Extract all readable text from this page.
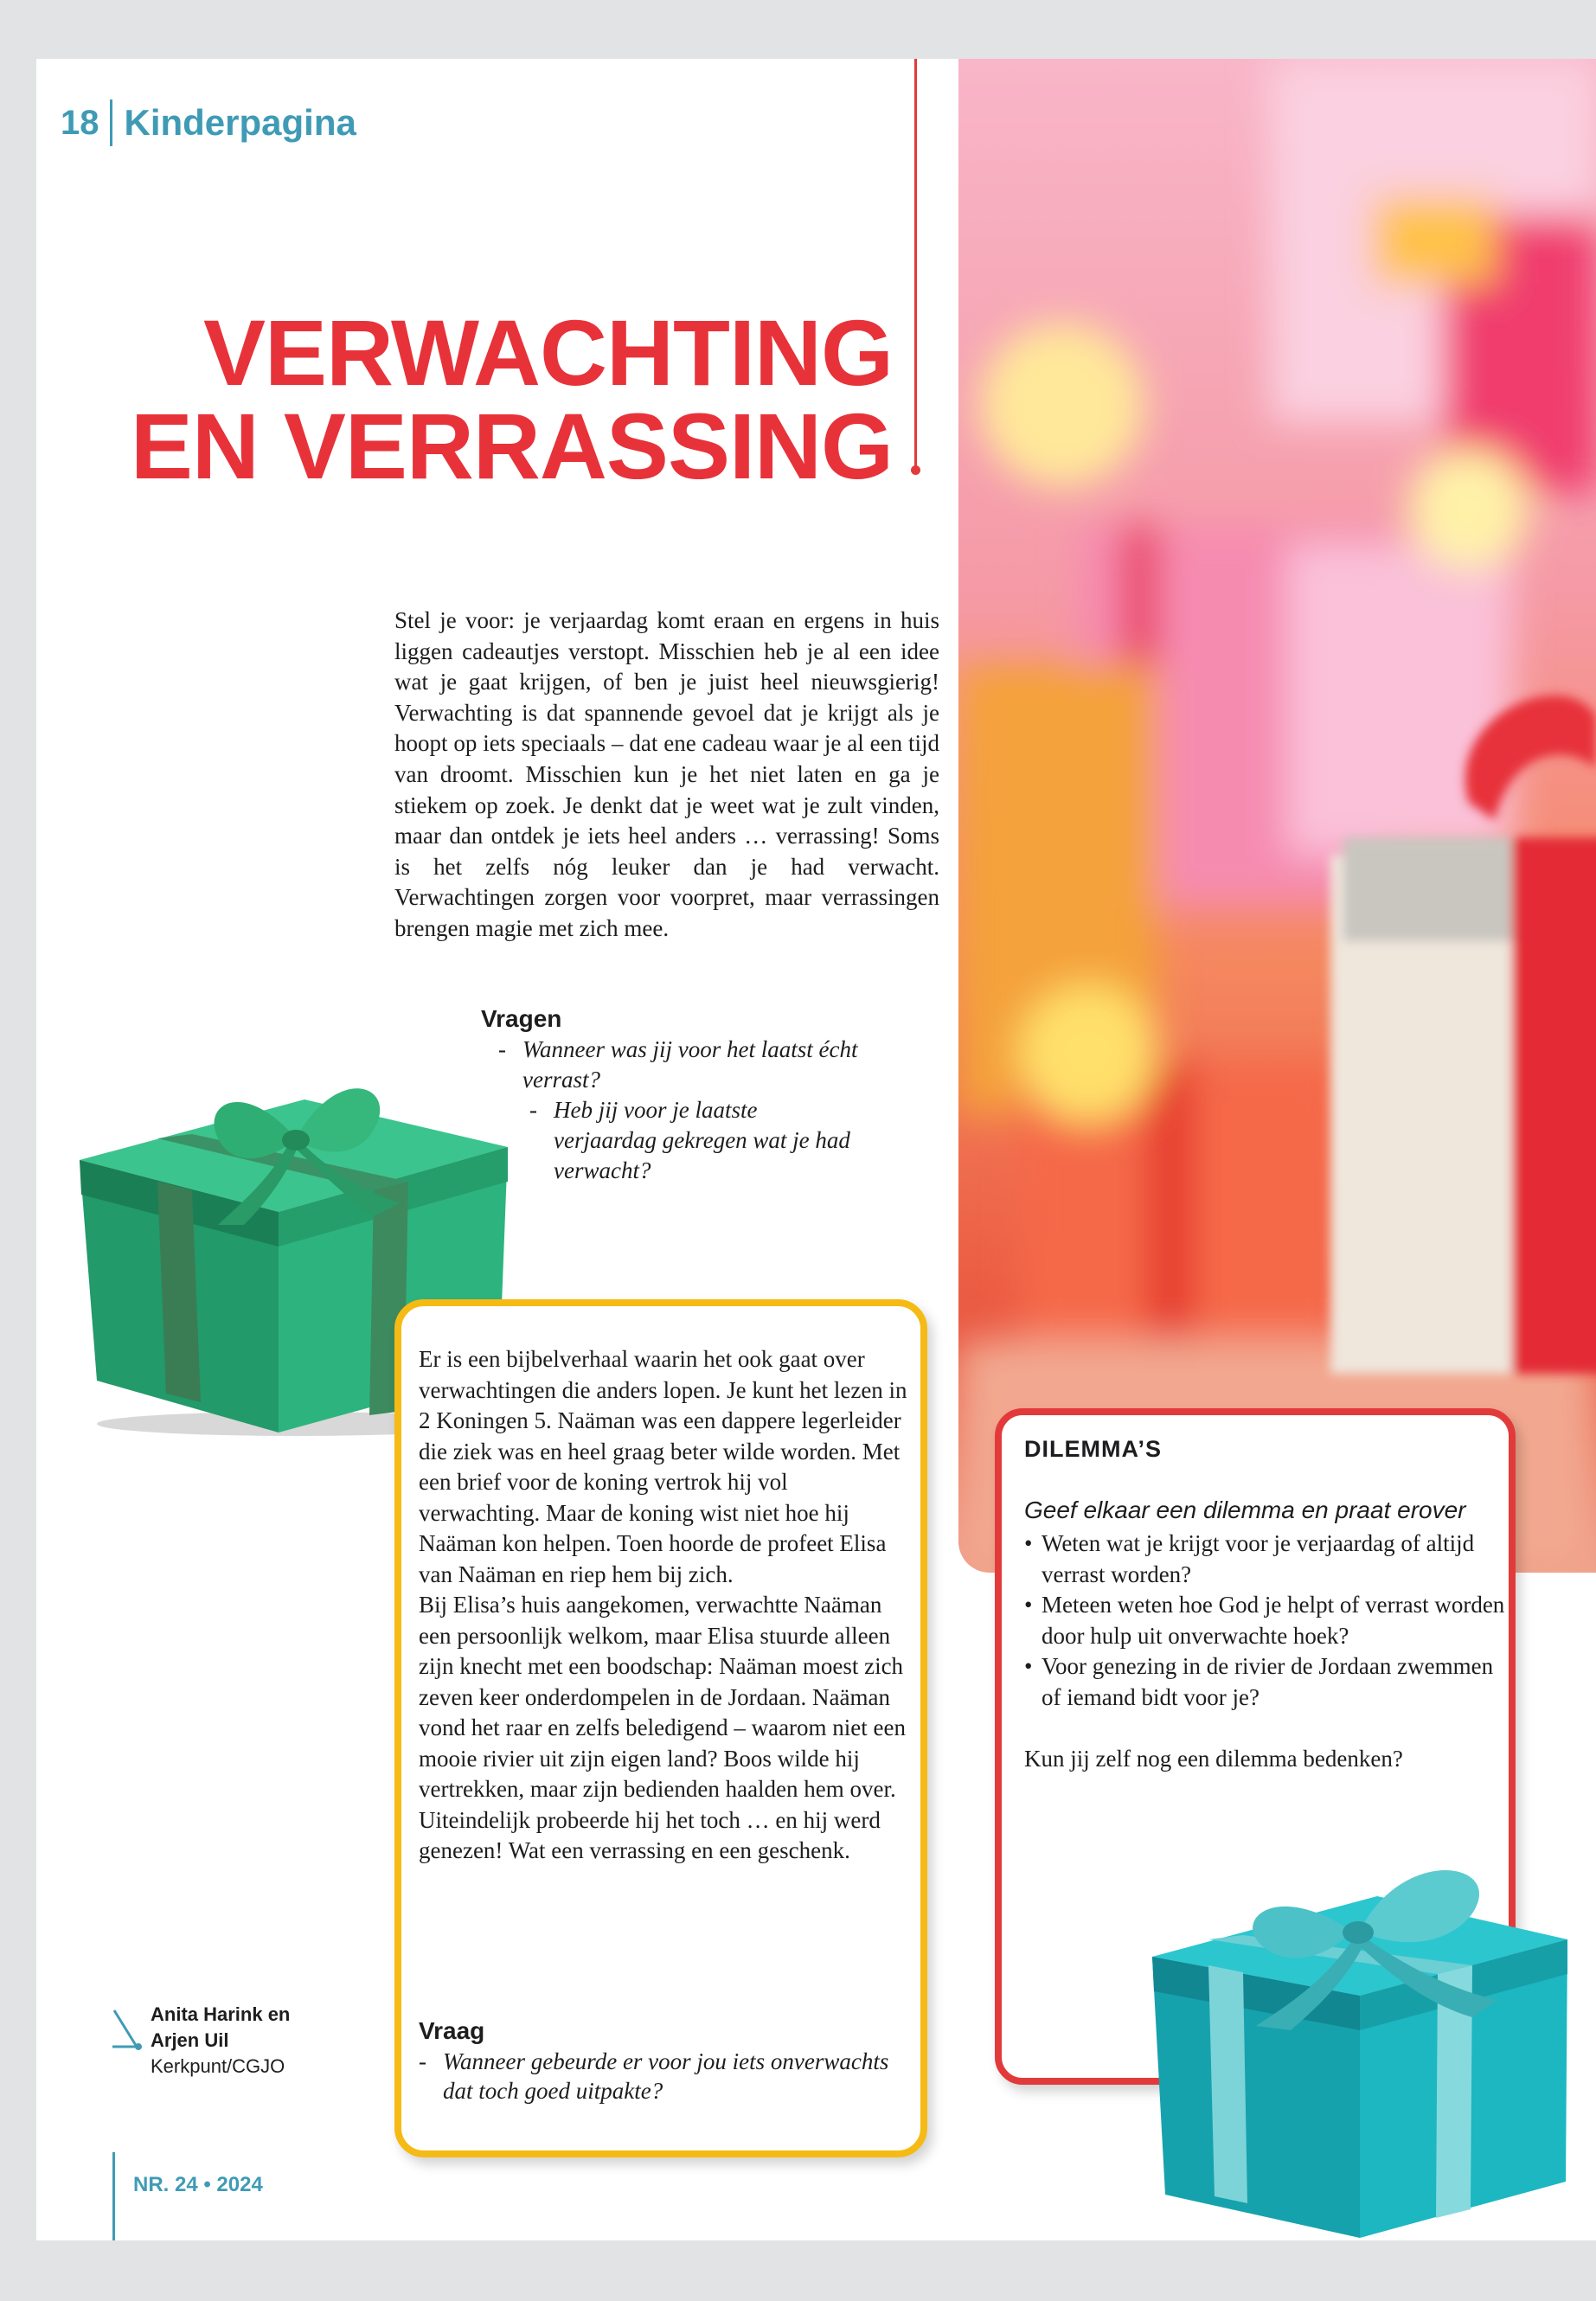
18 Kinderpagina
VERWACHTING
EN VERRASSING

Stel je voor: je verjaardag komt eraan en ergens in huis liggen cadeautjes verstopt. Misschien heb je al een idee wat je gaat krijgen, of ben je juist heel nieuwsgierig! Verwachting is dat spannende gevoel dat je krijgt als je hoopt op iets speciaals – dat ene cadeau waar je al een tijd van droomt. Misschien kun je het niet laten en ga je stiekem op zoek. Je denkt dat je weet wat je zult vinden, maar dan ontdek je iets heel anders … verrassing! Soms is het zelfs nóg leuker dan je had verwacht. Verwachtingen zorgen voor voorpret, maar verrassingen brengen magie met zich mee.

Vragen
- Wanneer was jij voor het laatst écht verrast?
- Heb jij voor je laatste verjaardag gekregen wat je had verwacht?

Er is een bijbelverhaal waarin het ook gaat over verwachtingen die anders lopen. Je kunt het lezen in 2 Koningen 5. Naäman was een dappere legerleider die ziek was en heel graag beter wilde worden. Met een brief voor de koning vertrok hij vol verwachting. Maar de koning wist niet hoe hij Naäman kon helpen. Toen hoorde de profeet Elisa van Naäman en riep hem bij zich.

Bij Elisa’s huis aangekomen, verwachtte Naäman een persoonlijk welkom, maar Elisa stuurde alleen zijn knecht met een boodschap: Naäman moest zich zeven keer onderdompelen in de Jordaan. Naäman vond het raar en zelfs beledigend – waarom niet een mooie rivier uit zijn eigen land? Boos wilde hij vertrekken, maar zijn bedienden haalden hem over. Uiteindelijk probeerde hij het toch … en hij werd genezen! Wat een verrassing en een geschenk.

Vraag
- Wanneer gebeurde er voor jou iets onverwachts dat toch goed uitpakte?
DILEMMA’S
Geef elkaar een dilemma en praat erover
• Weten wat je krijgt voor je verjaardag of altijd verrast worden?
• Meteen weten hoe God je helpt of verrast worden door hulp uit onverwachte hoek?
• Voor genezing in de rivier de Jordaan zwemmen of iemand bidt voor je?
Kun jij zelf nog een dilemma bedenken?
Anita Harink en
Arjen Uil
Kerkpunt/CGJO
NR. 24 • 2024
